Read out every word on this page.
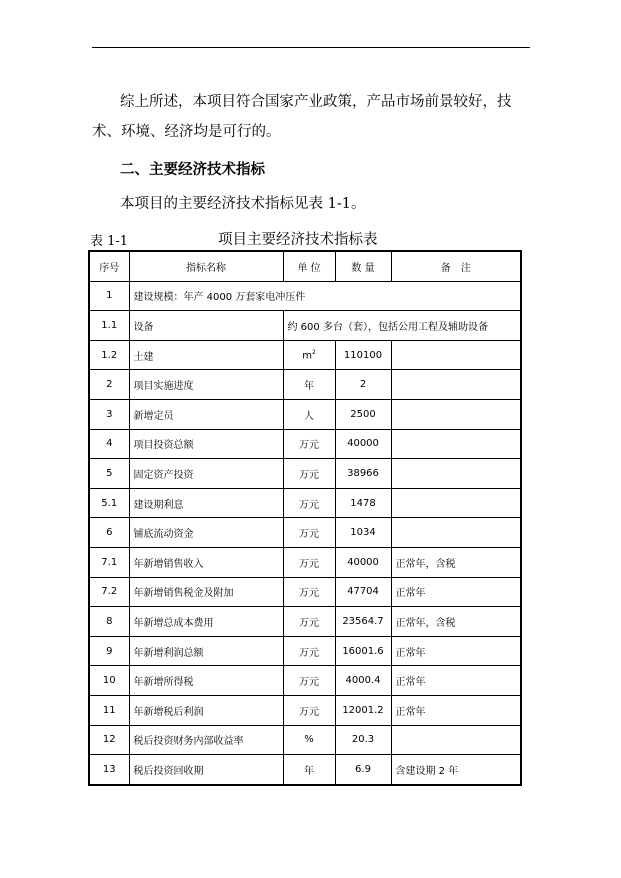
综上所述，本项目符合国家产业政策，产品市场前景较好，技
术、环境、经济均是可行的。
二、主要经济技术指标
本项目的主要经济技术指标见表 1-1。
表 1-1	项目主要经济技术指标表
序号	指标名称	单 位	数 量	备　注
1	建设规模：年产 4000 万套家电冲压件			
1.1	设备	约 600 多台（套），包括公用工程及辅助设备		
1.2	土建	$m^2$	110100	
2	项目实施进度	年	2	
3	新增定员	人	2500	
4	项目投资总额	万元	40000	
5	固定资产投资	万元	38966	
5.1	建设期利息	万元	1478	
6	铺底流动资金	万元	1034	
7.1	年新增销售收入	万元	40000	正常年，含税
7.2	年新增销售税金及附加	万元	47704	正常年
8	年新增总成本费用	万元	23564.7	正常年，含税
9	年新增利润总额	万元	16001.6	正常年
10	年新增所得税	万元	4000.4	正常年
11	年新增税后利润	万元	12001.2	正常年
12	税后投资财务内部收益率	%	20.3	
13	税后投资回收期	年	6.9	含建设期 2 年
